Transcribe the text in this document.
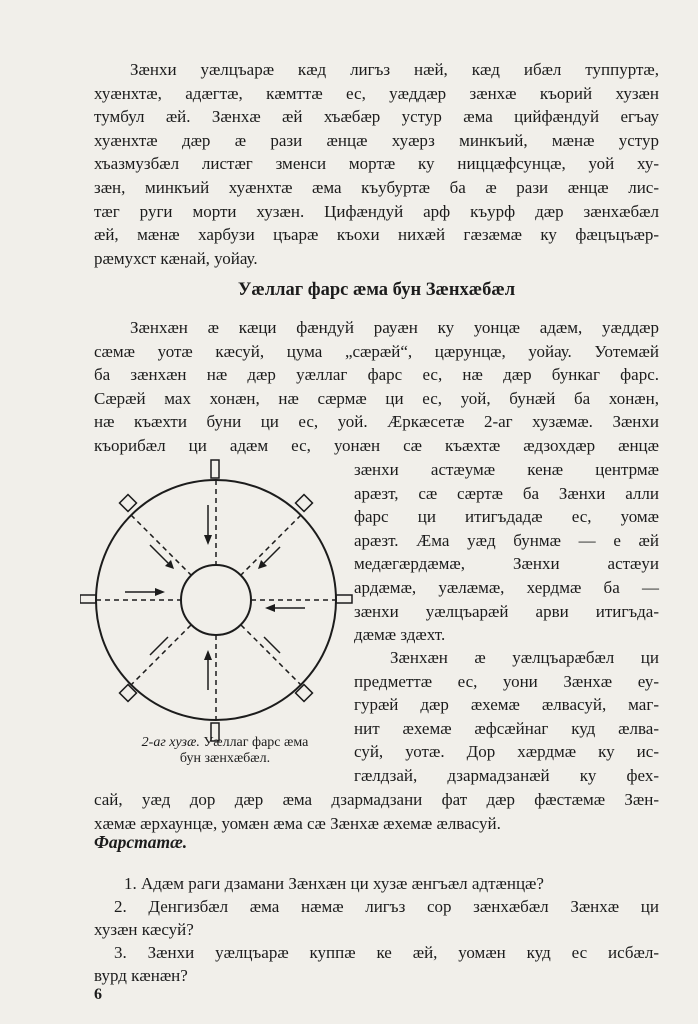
Зæнхи уæлцъарæ кæд лигъз нæй, кæд ибæл туппуртæ,
хуæнхтæ, адæгтæ, кæмттæ ес, уæддæр зæнхæ къорий хузæн
тумбул æй. Зæнхæ æй хъæбæр устур æма цийфæндуй егъау
хуæнхтæ дæр æ рази æнцæ хуæрз минкъий, мæнæ устур
хъазмузбæл листæг зменси мортæ ку ниццæфсунцæ, уой ху-
зæн, минкъий хуæнхтæ æма къубуртæ ба æ рази æнцæ лис-
тæг руги морти хузæн. Цифæндуй арф къурф дæр зæнхæбæл
æй, мæнæ харбузи цъарæ къохи нихæй гæзæмæ ку фæцъцъæр-
рæмухст кæнай, уойау.
Уæллаг фарс æма бун Зæнхæбæл
Зæнхæн æ кæци фæндуй рауæн ку уонцæ адæм, уæддæр
сæмæ уотæ кæсуй, цума „сæрæй“, цæрунцæ, уойау. Уотемæй
ба зæнхæн нæ дæр уæллаг фарс ес, нæ дæр бункаг фарс.
Сæрæй мах хонæн, нæ сæрмæ ци ес, уой, бунæй ба хонæн,
нæ къæхти буни ци ес, уой. Æркæсетæ 2-аг хузæмæ. Зæнхи
къорибæл ци адæм ес, уонæн сæ къæхтæ æдзохдæр æнцæ
зæнхи астæумæ кенæ центрмæ
арæзт, сæ сæртæ ба Зæнхи алли
фарс ци итигъдадæ ес, уомæ
арæзт. Æма уæд бунмæ — е æй
медæгæрдæмæ, Зæнхи астæуи
ардæмæ, уæлæмæ, хердмæ ба —
зæнхи уæлцъарæй арви итигъда-
дæмæ здæхт.
Зæнхæн æ уæлцъарæбæл ци
предметтæ ес, уони Зæнхæ еу-
гурæй дæр æхемæ æлвасуй, маг-
нит æхемæ æфсæйнаг куд æлва-
суй, уотæ. Дор хæрдмæ ку ис-
гæлдзай, дзармадзанæй ку фех-
2-аг хузæ. Уæллаг фарс æма
бун зæнхæбæл.
сай, уæд дор дæр æма дзармадзани фат дæр фæстæмæ Зæн-
хæмæ æрхаунцæ, уомæн æма сæ Зæнхæ æхемæ æлвасуй.
Фарстатæ.
1. Адæм раги дзамани Зæнхæн ци хузæ æнгъæл адтæнцæ?
2. Денгизбæл æма нæмæ лигъз сор зæнхæбæл Зæнхæ ци
хузæн кæсуй?
3. Зæнхи уæлцъарæ куппæ ке æй, уомæн куд ес исбæл-
вурд кæнæн?
6
